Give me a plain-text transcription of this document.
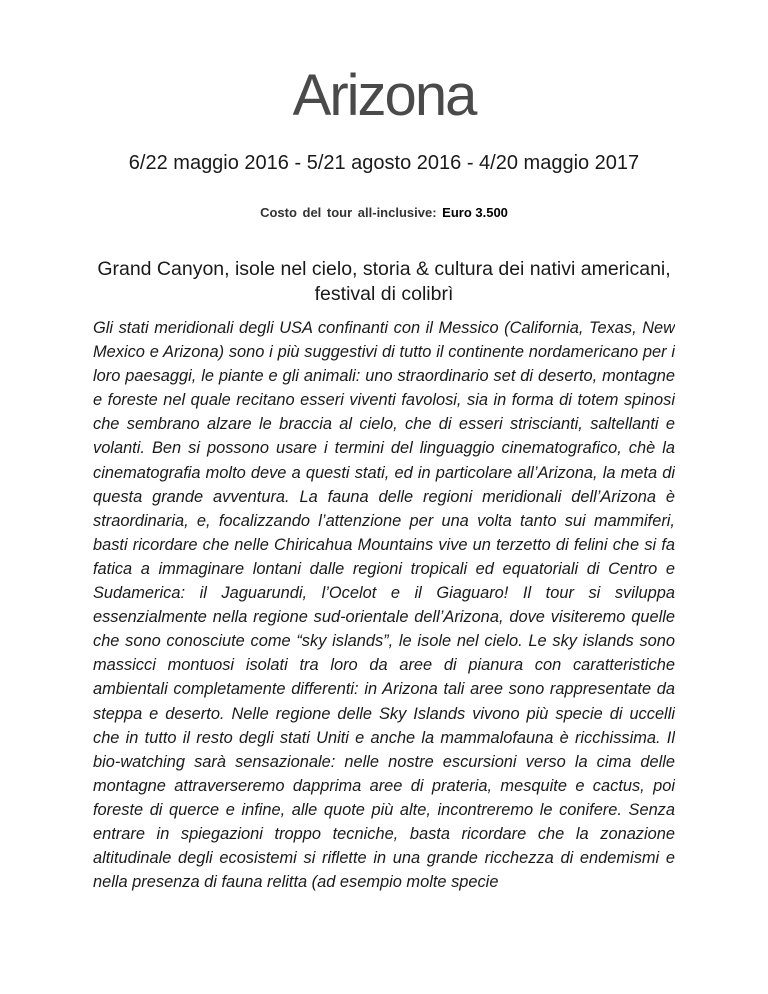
Arizona
6/22 maggio 2016 - 5/21 agosto 2016 - 4/20 maggio 2017
Costo del tour all-inclusive: Euro 3.500
Grand Canyon, isole nel cielo, storia & cultura dei nativi americani, festival di colibrì

Gli stati meridionali degli USA confinanti con il Messico (California, Texas, New Mexico e Arizona) sono i più suggestivi di tutto il continente nordamericano per i loro paesaggi, le piante e gli animali: uno straordinario set di deserto, montagne e foreste nel quale recitano esseri viventi favolosi, sia in forma di totem spinosi che sembrano alzare le braccia al cielo, che di esseri striscianti, saltellanti e volanti. Ben si possono usare i termini del linguaggio cinematografico, chè la cinematografia molto deve a questi stati, ed in particolare all’Arizona, la meta di questa grande avventura. La fauna delle regioni meridionali dell’Arizona è straordinaria, e, focalizzando l’attenzione per una volta tanto sui mammiferi, basti ricordare che nelle Chiricahua Mountains vive un terzetto di felini che si fa fatica a immaginare lontani dalle regioni tropicali ed equatoriali di Centro e Sudamerica: il Jaguarundi, l’Ocelot e il Giaguaro! Il tour si sviluppa essenzialmente nella regione sud-orientale dell’Arizona, dove visiteremo quelle che sono conosciute come “sky islands”, le isole nel cielo. Le sky islands sono massicci montuosi isolati tra loro da aree di pianura con caratteristiche ambientali completamente differenti: in Arizona tali aree sono rappresentate da steppa e deserto. Nelle regione delle Sky Islands vivono più specie di uccelli che in tutto il resto degli stati Uniti e anche la mammalofauna è ricchissima. Il bio-watching sarà sensazionale: nelle nostre escursioni verso la cima delle montagne attraverseremo dapprima aree di prateria, mesquite e cactus, poi foreste di querce e infine, alle quote più alte, incontreremo le conifere. Senza entrare in spiegazioni troppo tecniche, basta ricordare che la zonazione altitudinale degli ecosistemi si riflette in una grande ricchezza di endemismi e nella presenza di fauna relitta (ad esempio molte specie
